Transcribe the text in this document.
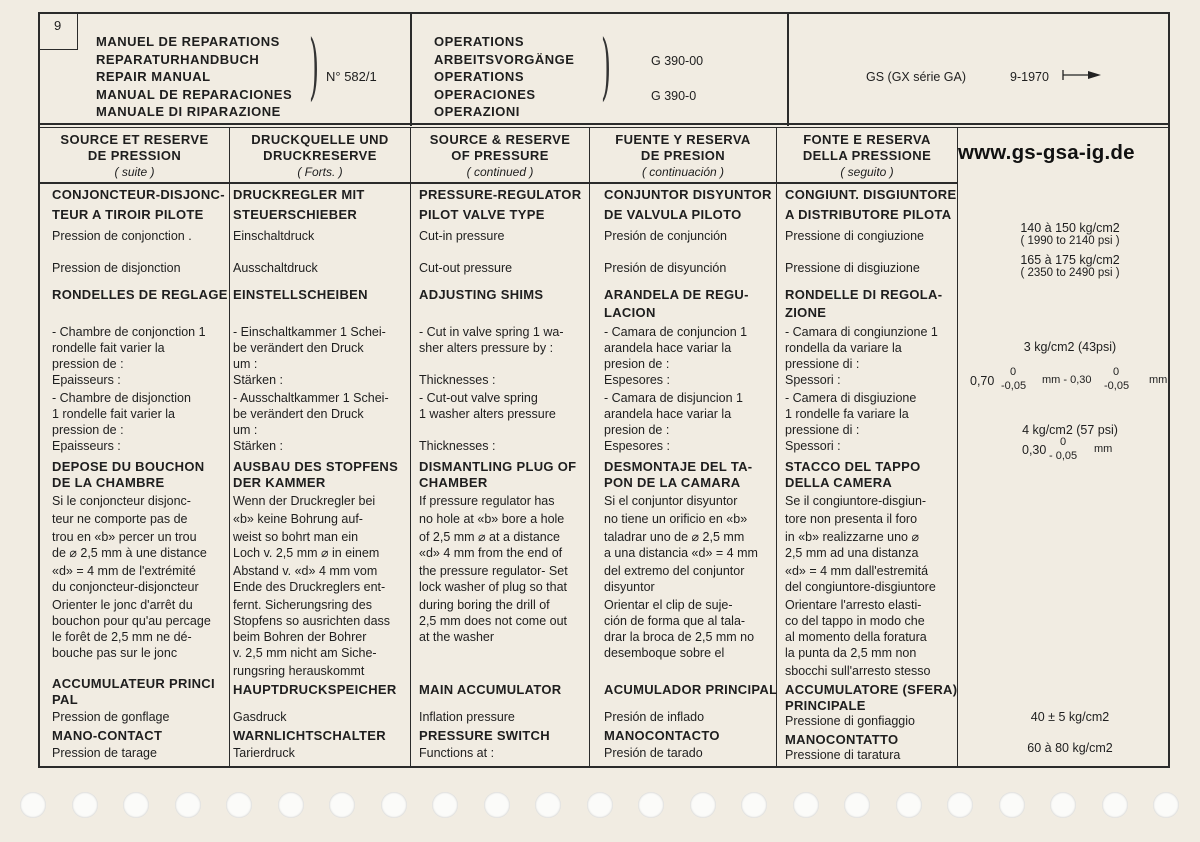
9
MANUEL DE REPARATIONS
REPARATURHANDBUCH
REPAIR MANUAL
MANUAL DE REPARACIONES
MANUALE DI RIPARAZIONE
) N° 582/1
OPERATIONS
ARBEITSVORGÄNGE
OPERATIONS
OPERACIONES
OPERAZIONI
)	G 390-00
G 390-0
GS (GX série GA)	9-1970
SOURCE ET RESERVE
DE PRESSION
( suite )
DRUCKQUELLE UND
DRUCKRESERVE
( Forts. )
SOURCE & RESERVE
OF PRESSURE
( continued )
FUENTE Y RESERVA
DE PRESION
( continuación )
FONTE E RESERVA
DELLA PRESSIONE
( seguito )
www.gs-gsa-ig.de
CONJONCTEUR-DISJONC-
TEUR A TIROIR PILOTE
Pression de conjonction .
Pression de disjonction
RONDELLES DE REGLAGE
- Chambre de conjonction 1
rondelle fait varier la
pression de :
Epaisseurs :
- Chambre de disjonction
1 rondelle fait varier la
pression de :
Epaisseurs :
DEPOSE DU BOUCHON
DE LA CHAMBRE
Si le conjoncteur disjonc-
teur ne comporte pas de
trou en «b» percer un trou
de ⌀ 2,5 mm à une distance
«d» = 4 mm de l'extrémité
du conjoncteur-disjoncteur
Orienter le jonc d'arrêt du
bouchon pour qu'au percage
le forêt de 2,5 mm ne dé-
bouche pas sur le jonc
ACCUMULATEUR PRINCI
PAL
Pression de gonflage
MANO-CONTACT
Pression de tarage
DRUCKREGLER MIT
STEUERSCHIEBER
Einschaltdruck
Ausschaltdruck
EINSTELLSCHEIBEN
- Einschaltkammer 1 Schei-
be verändert den Druck
um :
Stärken :
- Ausschaltkammer 1 Schei-
be verändert den Druck
um :
Stärken :
AUSBAU DES STOPFENS
DER KAMMER
Wenn der Druckregler bei
«b» keine Bohrung auf-
weist so bohrt man ein
Loch v. 2,5 mm ⌀ in einem
Abstand v. «d» 4 mm vom
Ende des Druckreglers ent-
fernt. Sicherungsring des
Stopfens so ausrichten dass
beim Bohren der Bohrer
v. 2,5 mm nicht am Siche-
rungsring herauskommt
HAUPTDRUCKSPEICHER
Gasdruck
WARNLICHTSCHALTER
Tarierdruck
PRESSURE-REGULATOR
PILOT VALVE TYPE
Cut-in pressure
Cut-out pressure
ADJUSTING SHIMS
- Cut in valve spring 1 wa-
sher alters pressure by :
Thicknesses :
- Cut-out valve spring
1 washer alters pressure
Thicknesses :
DISMANTLING PLUG OF
CHAMBER
If pressure regulator has
no hole at «b» bore a hole
of 2,5 mm ⌀ at a distance
«d» 4 mm from the end of
the pressure regulator- Set
lock washer of plug so that
during boring the drill of
2,5 mm does not come out
at the washer
MAIN ACCUMULATOR
Inflation pressure
PRESSURE SWITCH
Functions at :
CONJUNTOR DISYUNTOR
DE VALVULA PILOTO
Presión de conjunción
Presión de disyunción
ARANDELA DE REGU-
LACION
- Camara de conjuncion 1
arandela hace variar la
presion de :
Espesores :
- Camara de disjuncion 1
arandela hace variar la
presion de :
Espesores :
DESMONTAJE DEL TA-
PON DE LA CAMARA
Si el conjuntor disyuntor
no tiene un orificio en «b»
taladrar uno de ⌀ 2,5 mm
a una distancia «d» = 4 mm
del extremo del conjuntor
disyuntor
Orientar el clip de suje-
ción de forma que al tala-
drar la broca de 2,5 mm no
desemboque sobre el
ACUMULADOR PRINCIPAL
Presión de inflado
MANOCONTACTO
Presión de tarado
CONGIUNT. DISGIUNTORE
A DISTRIBUTORE PILOTA
Pressione di congiuzione
Pressione di disgiuzione
RONDELLE DI REGOLA-
ZIONE
- Camara di congiunzione 1
rondella da variare la
pressione di :
Spessori :
- Camera di disgiuzione
1 rondelle fa variare la
pressione di :
Spessori :
STACCO DEL TAPPO
DELLA CAMERA
Se il congiuntore-disgiun-
tore non presenta il foro
in «b» realizzarne uno ⌀
2,5 mm ad una distanza
«d» = 4 mm dall'estremitá
del congiuntore-disgiuntore
Orientare l'arresto elasti-
co del tappo in modo che
al momento della foratura
la punta da 2,5 mm non
sbocchi sull'arresto stesso
ACCUMULATORE (SFERA)
PRINCIPALE
Pressione di gonfiaggio
MANOCONTATTO
Pressione di taratura
140 à 150 kg/cm2
( 1990 to 2140 psi )
165 à 175 kg/cm2
( 2350 to 2490 psi )
3 kg/cm2 (43psi)
0,70
0
-0,05 mm - 0,30
0
-0,05 mm
4 kg/cm2 (57 psi)
0,30
0
- 0,05
mm
40 ± 5 kg/cm2
60 à 80 kg/cm2
